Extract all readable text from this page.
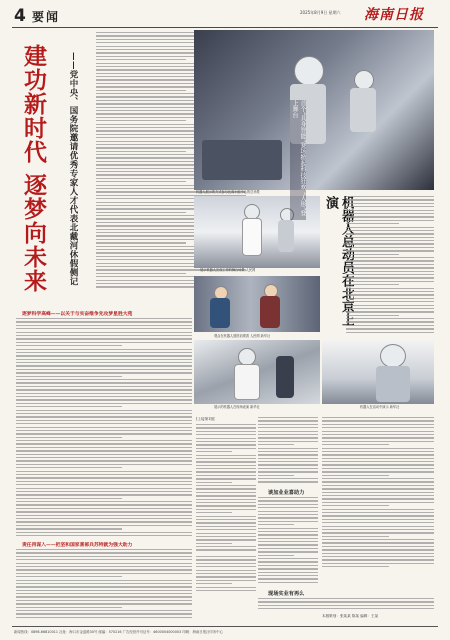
4 要闻	2025年8月9日 星期六 海南日报
建功新时代 逐梦向未来 ——党中央、国务院邀请优秀专家人才代表北戴河休假侧记	机器人展示的方式参与比赛小组中心的总场景
展示机器人完成工作的舞台场景 人民网
观众在机器人展馆前观看 人民网 新华社
展示的机器人在现场表演 新华社	机器人在活动中演示 新华社
机器人总动 京上演
首个“具身智能”赛场掀起科技狂欢 “人形”登上舞台
逐梦科学高峰——以关于与实奋维争先攻梦星胜大苑
责任再谋入——把坚和国家喜部兵苏特就为强大助力
[上接第1版]
谈加业业喜助力
现场实业有再么
本版策划：张某某 陈某 编辑：王某
新闻热线：0898-66810011 社址：海口市金盘路30号 邮编：570216 广告经营许可证号：4600004000003 印刷：海南日报社印务中心
